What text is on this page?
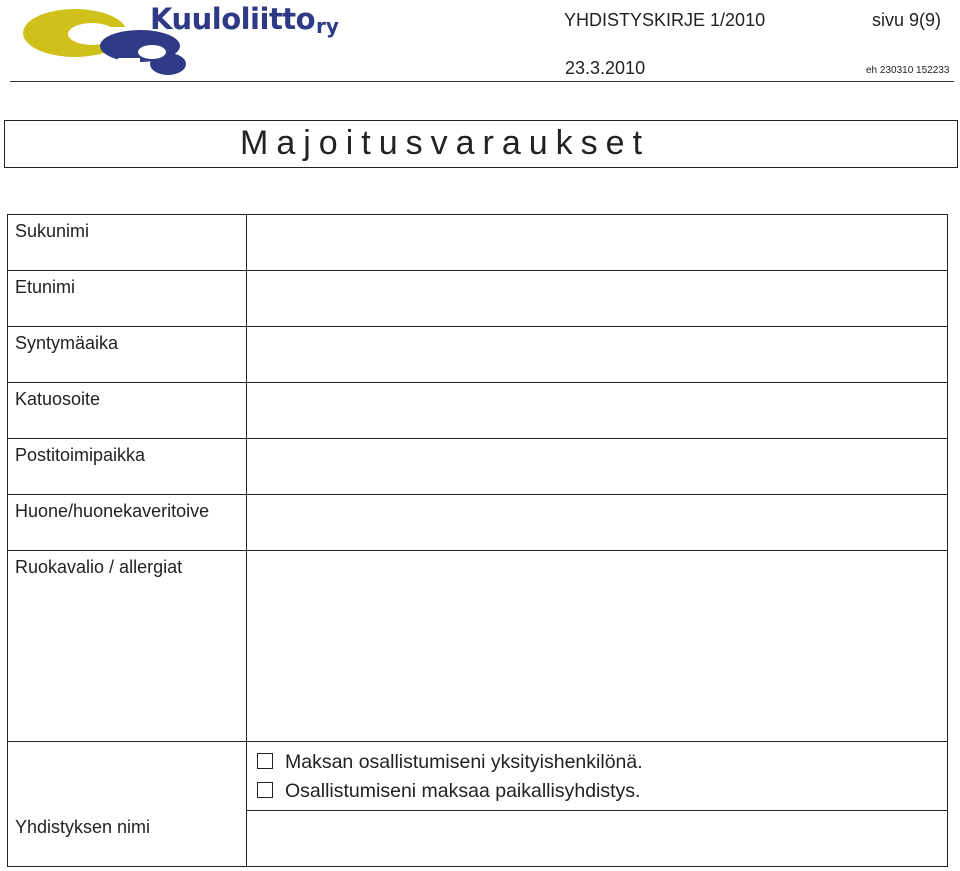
Kuuloliitto ry	YHDISTYSKIRJE 1/2010	sivu 9(9)
23.3.2010	eh 230310 152233
Majoitusvaraukset
Sukunimi
Etunimi
Syntymäaika
Katuosoite
Postitoimipaikka
Huone/huonekaveritoive
Ruokavalio / allergiat
Yhdistyksen nimi
Maksan osallistumiseni yksityishenkilönä.
Osallistumiseni maksaa paikallisyhdistys.
